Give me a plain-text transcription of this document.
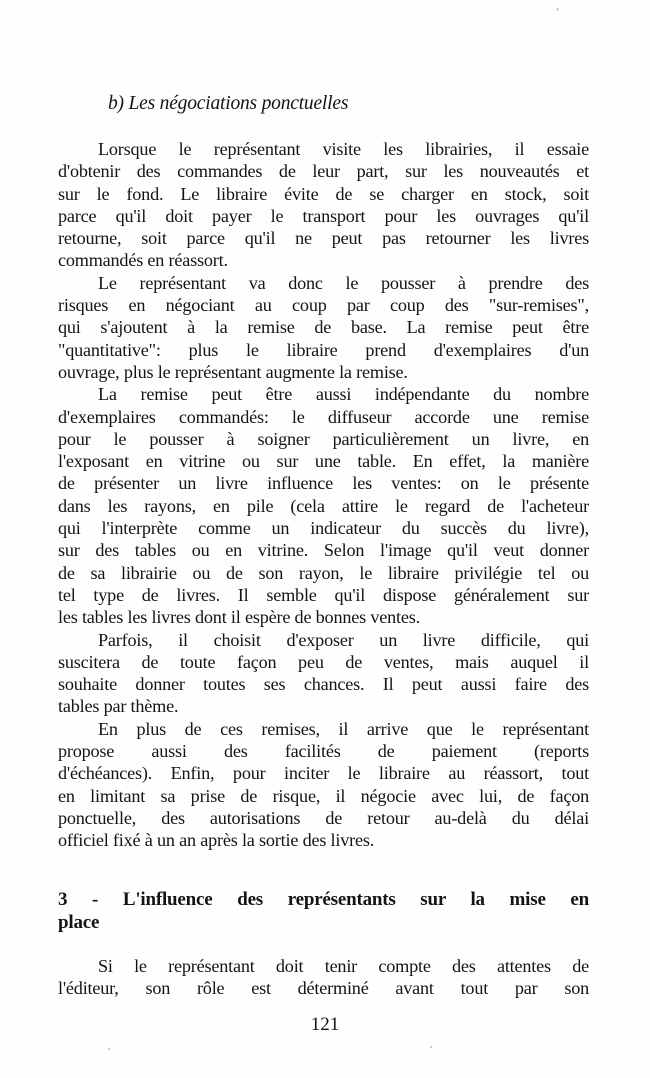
b) Les négociations ponctuelles
Lorsque le représentant visite les librairies, il essaie
d'obtenir des commandes de leur part, sur les nouveautés et
sur le fond. Le libraire évite de se charger en stock, soit
parce qu'il doit payer le transport pour les ouvrages qu'il
retourne, soit parce qu'il ne peut pas retourner les livres
commandés en réassort.
Le représentant va donc le pousser à prendre des
risques en négociant au coup par coup des "sur-remises",
qui s'ajoutent à la remise de base. La remise peut être
"quantitative": plus le libraire prend d'exemplaires d'un
ouvrage, plus le représentant augmente la remise.
La remise peut être aussi indépendante du nombre
d'exemplaires commandés: le diffuseur accorde une remise
pour le pousser à soigner particulièrement un livre, en
l'exposant en vitrine ou sur une table. En effet, la manière
de présenter un livre influence les ventes: on le présente
dans les rayons, en pile (cela attire le regard de l'acheteur
qui l'interprète comme un indicateur du succès du livre),
sur des tables ou en vitrine. Selon l'image qu'il veut donner
de sa librairie ou de son rayon, le libraire privilégie tel ou
tel type de livres. Il semble qu'il dispose généralement sur
les tables les livres dont il espère de bonnes ventes.
Parfois, il choisit d'exposer un livre difficile, qui
suscitera de toute façon peu de ventes, mais auquel il
souhaite donner toutes ses chances. Il peut aussi faire des
tables par thème.
En plus de ces remises, il arrive que le représentant
propose aussi des facilités de paiement (reports
d'échéances). Enfin, pour inciter le libraire au réassort, tout
en limitant sa prise de risque, il négocie avec lui, de façon
ponctuelle, des autorisations de retour au-delà du délai
officiel fixé à un an après la sortie des livres.
3 - L'influence des représentants sur la mise en
place
Si le représentant doit tenir compte des attentes de
l'éditeur, son rôle est déterminé avant tout par son
121
